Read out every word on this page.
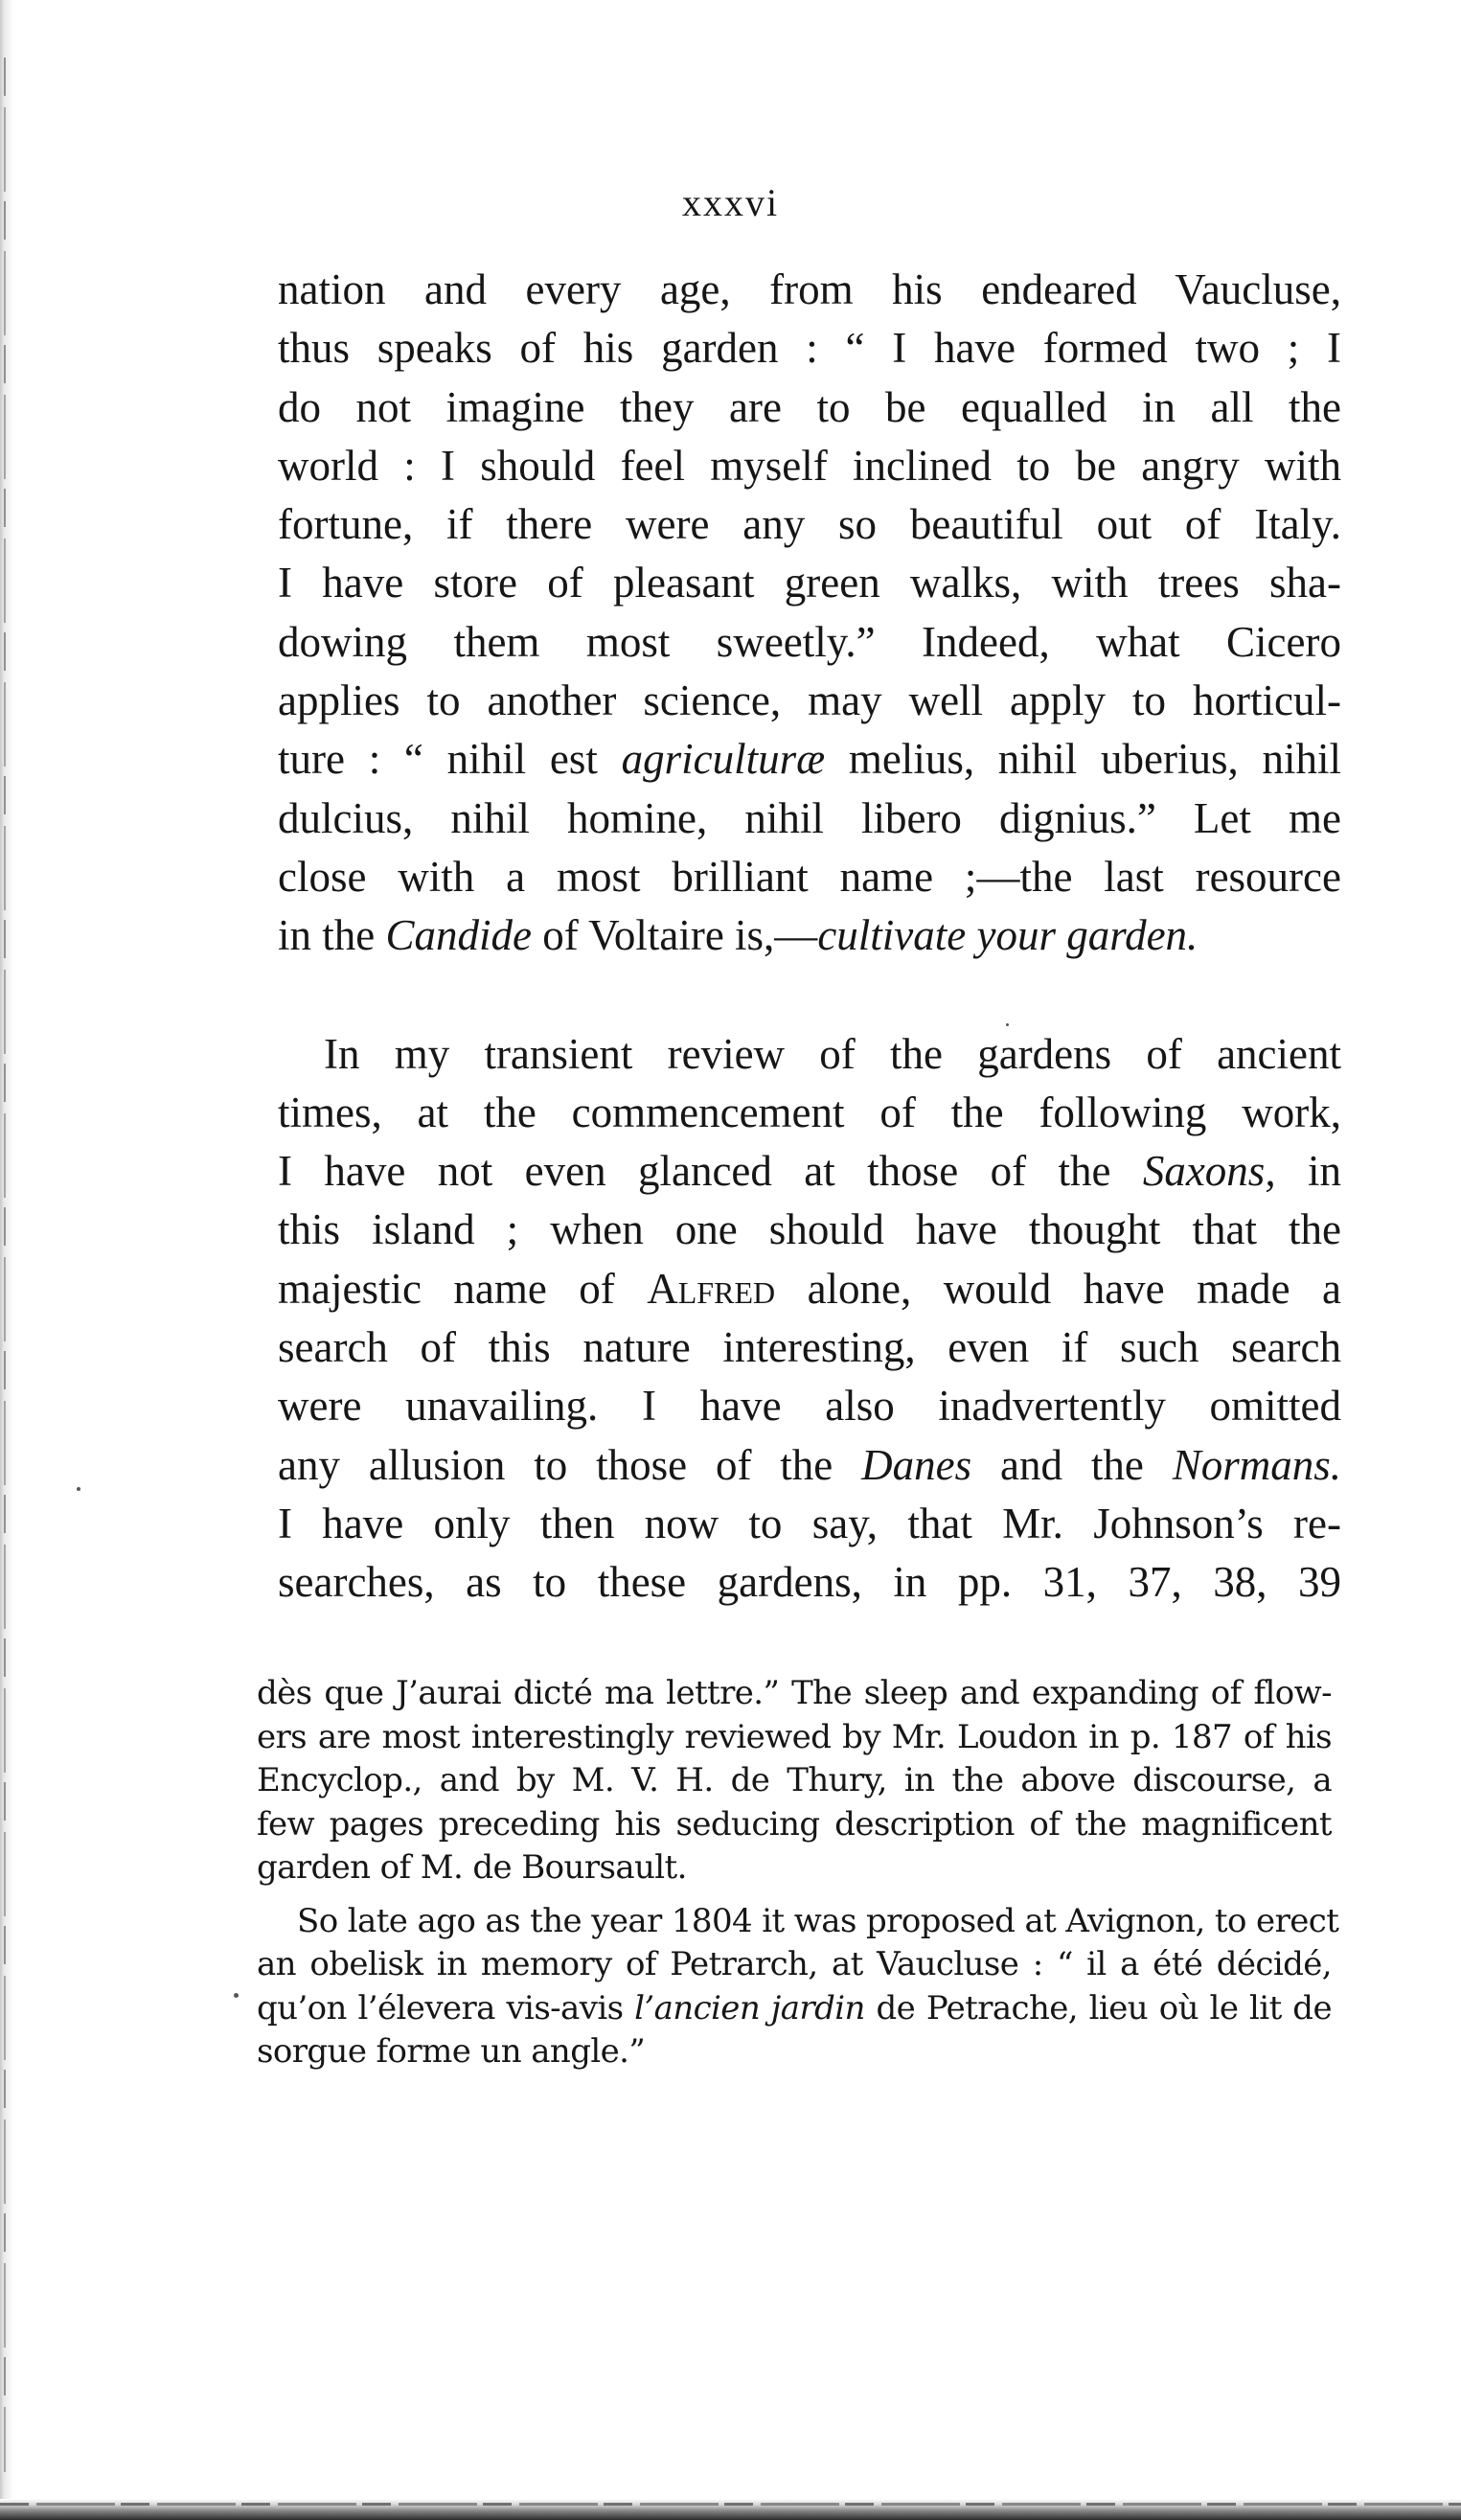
xxxvi
nation and every age, from his endeared Vaucluse,
thus speaks of his garden : “ I have formed two ; I
do not imagine they are to be equalled in all the
world : I should feel myself inclined to be angry with
fortune, if there were any so beautiful out of Italy.
I have store of pleasant green walks, with trees sha-
dowing them most sweetly.” Indeed, what Cicero
applies to another science, may well apply to horticul-
ture : “ nihil est agriculturæ melius, nihil uberius, nihil
dulcius, nihil homine, nihil libero dignius.” Let me
close with a most brilliant name ;—the last resource
in the Candide of Voltaire is,—cultivate your garden.
In my transient review of the gardens of ancient
times, at the commencement of the following work,
I have not even glanced at those of the Saxons, in
this island ; when one should have thought that the
majestic name of Alfred alone, would have made a
search of this nature interesting, even if such search
were unavailing. I have also inadvertently omitted
any allusion to those of the Danes and the Normans.
I have only then now to say, that Mr. Johnson’s re-
searches, as to these gardens, in pp. 31, 37, 38, 39
dès que J’aurai dicté ma lettre.” The sleep and expanding of flow-
ers are most interestingly reviewed by Mr. Loudon in p. 187 of his
Encyclop., and by M. V. H. de Thury, in the above discourse, a
few pages preceding his seducing description of the magnificent
garden of M. de Boursault.
So late ago as the year 1804 it was proposed at Avignon, to erect
an obelisk in memory of Petrarch, at Vaucluse : “ il a été décidé,
qu’on l’élevera vis-avis l’ancien jardin de Petrache, lieu où le lit de
sorgue forme un angle.”
